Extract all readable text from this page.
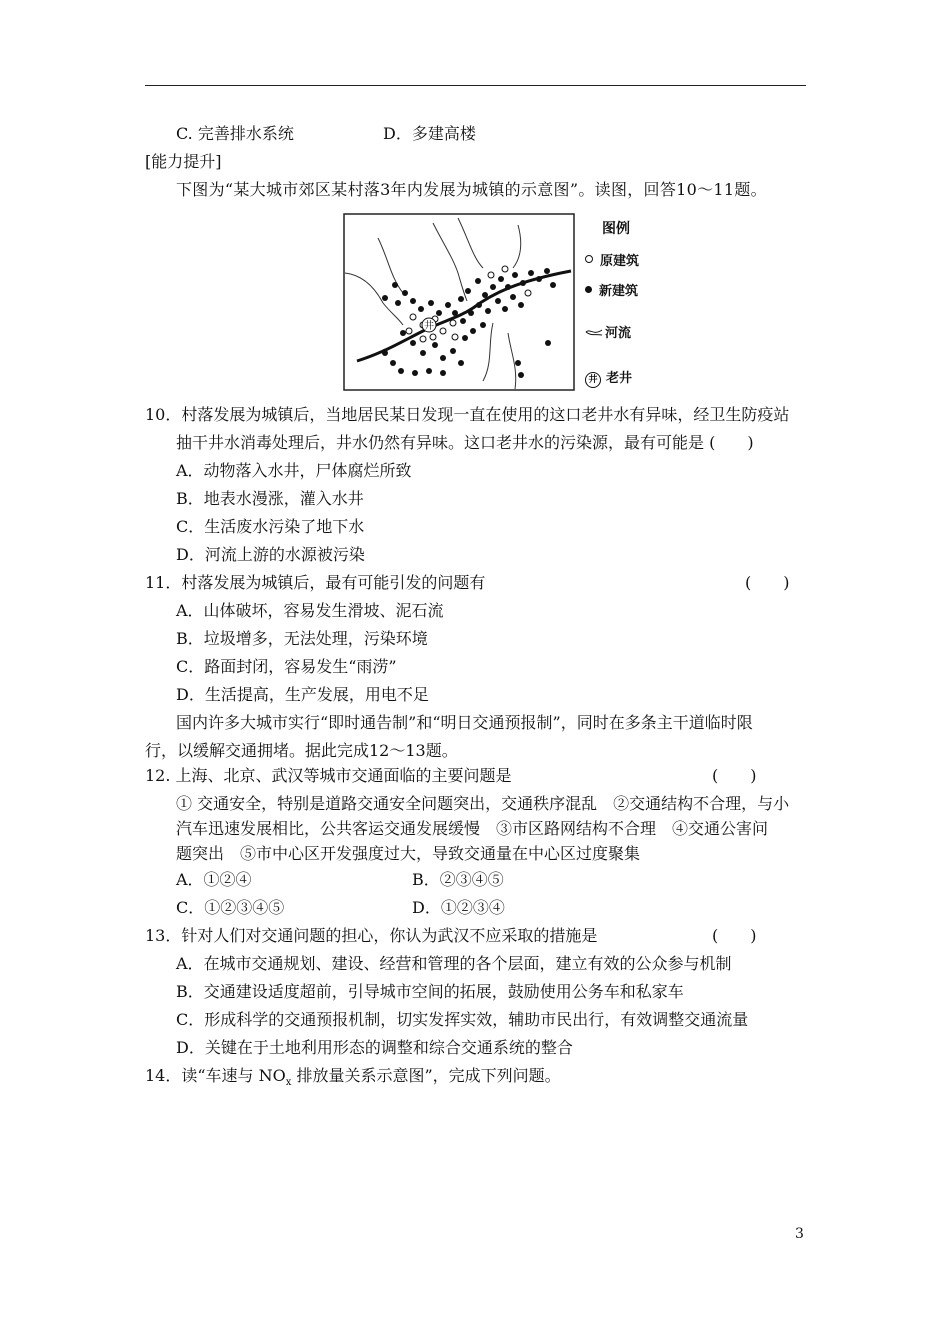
C. 完善排水系统	D．多建高楼
[能力提升]
下图为“某大城市郊区某村落3年内发展为城镇的示意图”。读图，回答10～11题。
井
图例
原建筑
新建筑
河流
井 老井
10．村落发展为城镇后，当地居民某日发现一直在使用的这口老井水有异味，经卫生防疫站
抽干井水消毒处理后，井水仍然有异味。这口老井水的污染源，最有可能是 (　　)
A．动物落入水井，尸体腐烂所致
B．地表水漫涨，灌入水井
C．生活废水污染了地下水
D．河流上游的水源被污染
11．村落发展为城镇后，最有可能引发的问题有	(　　)
A．山体破坏，容易发生滑坡、泥石流
B．垃圾增多，无法处理，污染环境
C．路面封闭，容易发生“雨涝”
D．生活提高，生产发展，用电不足
国内许多大城市实行“即时通告制”和“明日交通预报制”，同时在多条主干道临时限
行，以缓解交通拥堵。据此完成12～13题。
12. 上海、北京、武汉等城市交通面临的主要问题是	(　　)
① 交通安全，特别是道路交通安全问题突出，交通秩序混乱　②交通结构不合理，与小
汽车迅速发展相比，公共客运交通发展缓慢　③市区路网结构不合理　④交通公害问
题突出　⑤市中心区开发强度过大，导致交通量在中心区过度聚集
A．①②④	B．②③④⑤
C．①②③④⑤	D．①②③④
13．针对人们对交通问题的担心，你认为武汉不应采取的措施是	(　　)
A．在城市交通规划、建设、经营和管理的各个层面，建立有效的公众参与机制
B．交通建设适度超前，引导城市空间的拓展，鼓励使用公务车和私家车
C．形成科学的交通预报机制，切实发挥实效，辅助市民出行，有效调整交通流量
D．关键在于土地利用形态的调整和综合交通系统的整合
14．读“车速与 $NO_x$ 排放量关系示意图”，完成下列问题。
3
